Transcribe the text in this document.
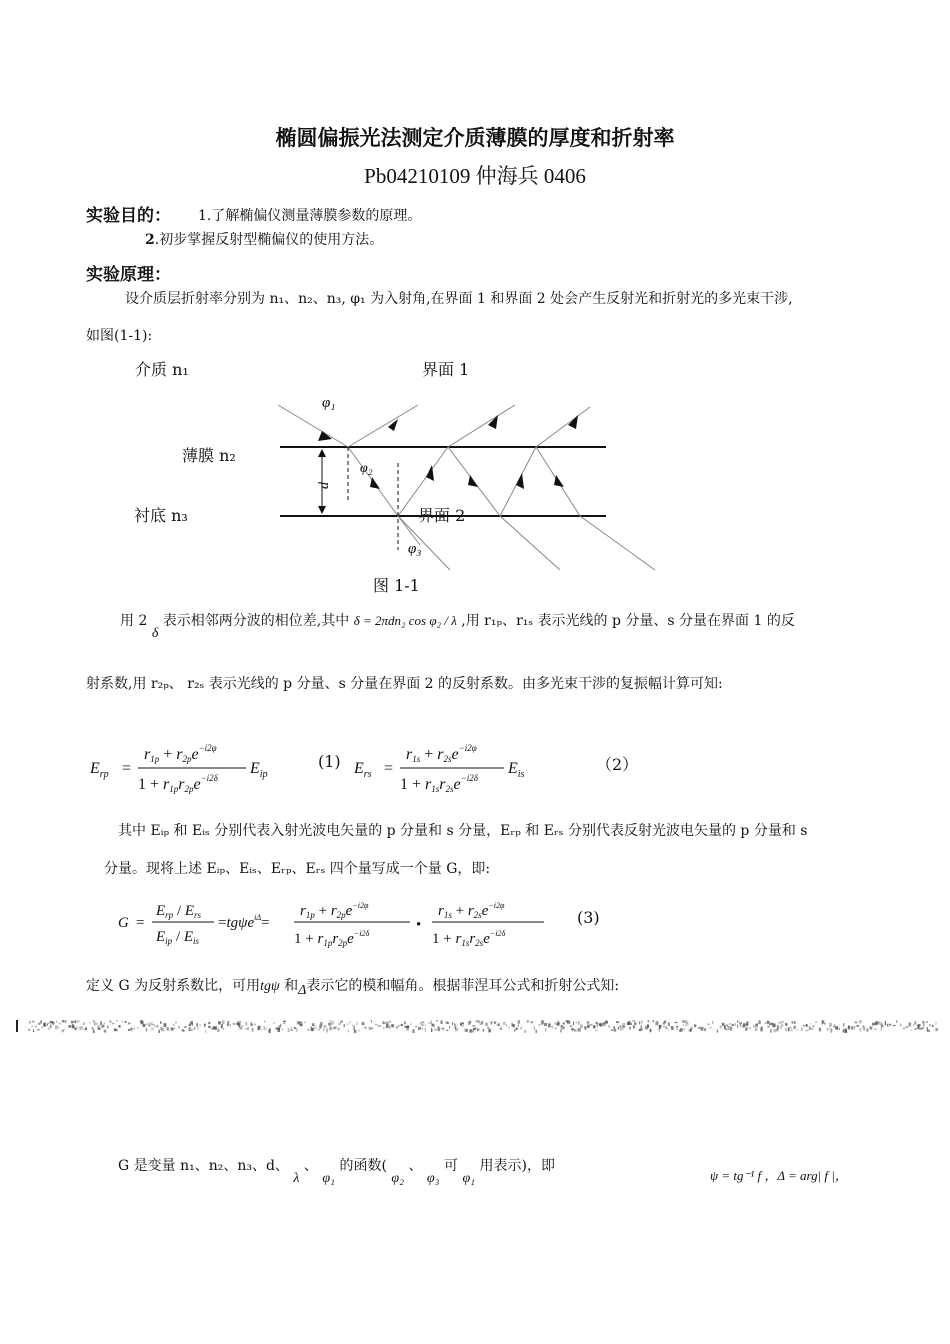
椭圆偏振光法测定介质薄膜的厚度和折射率
Pb04210109 仲海兵 0406
实验目的： 1.了解椭偏仪测量薄膜参数的原理。
2.初步掌握反射型椭偏仪的使用方法。
实验原理：
设介质层折射率分别为 n₁、n₂、n₃, φ₁ 为入射角,在界面 1 和界面 2 处会产生反射光和折射光的多光束干涉,
如图(1-1):
介质 n₁	界面 1
薄膜 n₂
衬底 n₃	界面 2
图 1-1
φ₁
φ₂
φ₃
d
用 2 δ 表示相邻两分波的相位差,其中 δ = 2πdn₂ cos φ₂ / λ ,用 r₁ₚ、r₁ₛ 表示光线的 p 分量、s 分量在界面 1 的反
射系数,用 r₂ₚ、 r₂ₛ 表示光线的 p 分量、s 分量在界面 2 的反射系数。由多光束干涉的复振幅计算可知:
$E_{rp}$ =
$r1p + r2pe^{-i2\varphi}$
$1 + r1pr2pe^{-i2\delta}$
$E_{ip}$	$E_{rs}$ =
$r1s + r2se^{-i2\varphi}$
$1 + r1sr2se^{-i2\delta}$
$E_{is}$
(1)	（2）
其中 Eᵢₚ 和 Eᵢₛ 分别代表入射光波电矢量的 p 分量和 s 分量，Eᵣₚ 和 Eᵣₛ 分别代表反射光波电矢量的 p 分量和 s
分量。现将上述 Eᵢₚ、Eᵢₛ、Eᵣₚ、Eᵣₛ 四个量写成一个量 G，即:
G =
$E_{rp} / E_{rs}$
$E_{ip} / E_{is}$
=tgψe$^{i\Delta}$=
$r_{1p} + r_{2p}e^{-i2\varphi}$
$1 + r_{1p}r_{2p}e^{-i2\delta}$
•
$r_{1s} + r_{2s}e^{-i2\varphi}$
$1 + r_{1s}r_{2s}e^{-i2\delta}$
(3)
定义 G 为反射系数比，可用tgψ 和Δ表示它的模和幅角。根据菲涅耳公式和折射公式知:
G 是变量 n₁、n₂、n₃、d、 λ 、 φ₁ 的函数( φ₂ 、 φ₃ 可 φ₁ 用表示)，即
ψ = tg⁻¹ f ，Δ = arg| f |，
